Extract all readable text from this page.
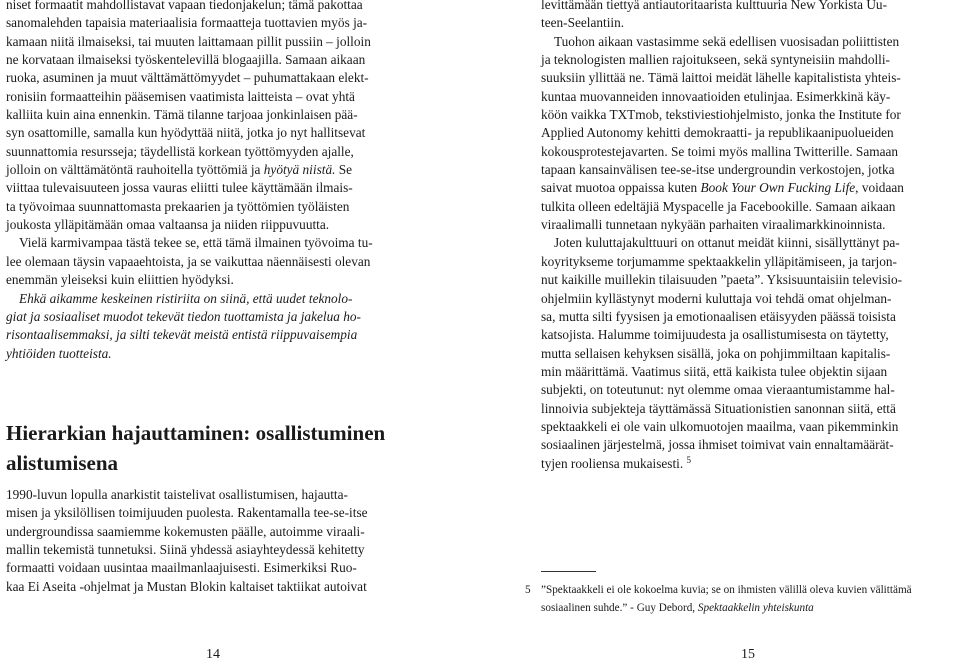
niset formaatit mahdollistavat vapaan tiedonjakelun; tämä pakottaa
sanomalehden tapaisia materiaalisia formaatteja tuottavien myös ja-
kamaan niitä ilmaiseksi, tai muuten laittamaan pillit pussiin – jolloin
ne korvataan ilmaiseksi työskentelevillä blogaajilla. Samaan aikaan
ruoka, asuminen ja muut välttämättömyydet – puhumattakaan elekt-
ronisiin formaatteihin pääsemisen vaatimista laitteista – ovat yhtä
kalliita kuin aina ennenkin. Tämä tilanne tarjoaa jonkinlaisen pää-
syn osattomille, samalla kun hyödyttää niitä, jotka jo nyt hallitsevat
suunnattomia resursseja; täydellistä korkean työttömyyden ajalle,
jolloin on välttämätöntä rauhoitella työttömiä ja hyötyä niistä. Se
viittaa tulevaisuuteen jossa vauras eliitti tulee käyttämään ilmais-
ta työvoimaa suunnattomasta prekaarien ja työttömien työläisten
joukosta ylläpitämään omaa valtaansa ja niiden riippuvuutta.

Vielä karmivampaa tästä tekee se, että tämä ilmainen työvoima tu-
lee olemaan täysin vapaaehtoista, ja se vaikuttaa näennäisesti olevan
enemmän yleiseksi kuin eliittien hyödyksi.

Ehkä aikamme keskeinen ristiriita on siinä, että uudet teknolo-
giat ja sosiaaliset muodot tekevät tiedon tuottamista ja jakelua ho-
risontaalisemmaksi, ja silti tekevät meistä entistä riippuvaisempia
yhtiöiden tuotteista.

Hierarkian hajauttaminen: osallistuminen
alistumisena

1990-luvun lopulla anarkistit taistelivat osallistumisen, hajautta-
misen ja yksilöllisen toimijuuden puolesta. Rakentamalla tee-se-itse
undergroundissa saamiemme kokemusten päälle, autoimme viraali-
mallin tekemistä tunnetuksi. Siinä yhdessä asiayhteydessä kehitetty
formaatti voidaan uusintaa maailmanlaajuisesti. Esimerkiksi Ruo-
kaa Ei Aseita -ohjelmat ja Mustan Blokin kaltaiset taktiikat autoivat

14

levittämään tiettyä antiautoritaarista kulttuuria New Yorkista Uu-
teen-Seelantiin.

Tuohon aikaan vastasimme sekä edellisen vuosisadan poliittisten
ja teknologisten mallien rajoitukseen, sekä syntyneisiin mahdolli-
suuksiin yllittää ne. Tämä laittoi meidät lähelle kapitalistista yhteis-
kuntaa muovanneiden innovaatioiden etulinjaa. Esimerkkinä käy-
köön vaikka TXTmob, tekstiviestiohjelmisto, jonka the Institute for
Applied Autonomy kehitti demokraatti- ja republikaanipuolueiden
kokousprotestejavarten. Se toimi myös mallina Twitterille. Samaan
tapaan kansainvälisen tee-se-itse undergroundin verkostojen, jotka
saivat muotoa oppaissa kuten Book Your Own Fucking Life, voidaan
tulkita olleen edeltäjiä Myspacelle ja Facebookille. Samaan aikaan
viraalimalli tunnetaan nykyään parhaiten viraalimarkkinoinnista.

Joten kuluttajakulttuuri on ottanut meidät kiinni, sisällyttänyt pa-
koyritykseme torjumamme spektaakkelin ylläpitämiseen, ja tarjon-
nut kaikille muillekin tilaisuuden ”paeta”. Yksisuuntaisiin televisio-
ohjelmiin kyllästynyt moderni kuluttaja voi tehdä omat ohjelman-
sa, mutta silti fyysisen ja emotionaalisen etäisyyden päässä toisista
katsojista. Halumme toimijuudesta ja osallistumisesta on täytetty,
mutta sellaisen kehyksen sisällä, joka on pohjimmiltaan kapitalis-
min määrittämä. Vaatimus siitä, että kaikista tulee objektin sijaan
subjekti, on toteutunut: nyt olemme omaa vieraantumistamme hal-
linnoivia subjekteja täyttämässä Situationistien sanonnan siitä, että
spektaakkeli ei ole vain ulkomuotojen maailma, vaan pikemminkin
sosiaalinen järjestelmä, jossa ihmiset toimivat vain ennaltamäärät-
tyjen rooliensa mukaisesti. $^5$

5 ”Spektaakkeli ei ole kokoelma kuvia; se on ihmisten välillä oleva kuvien välittämä
sosiaalinen suhde.” - Guy Debord, Spektaakkelin yhteiskunta
15
